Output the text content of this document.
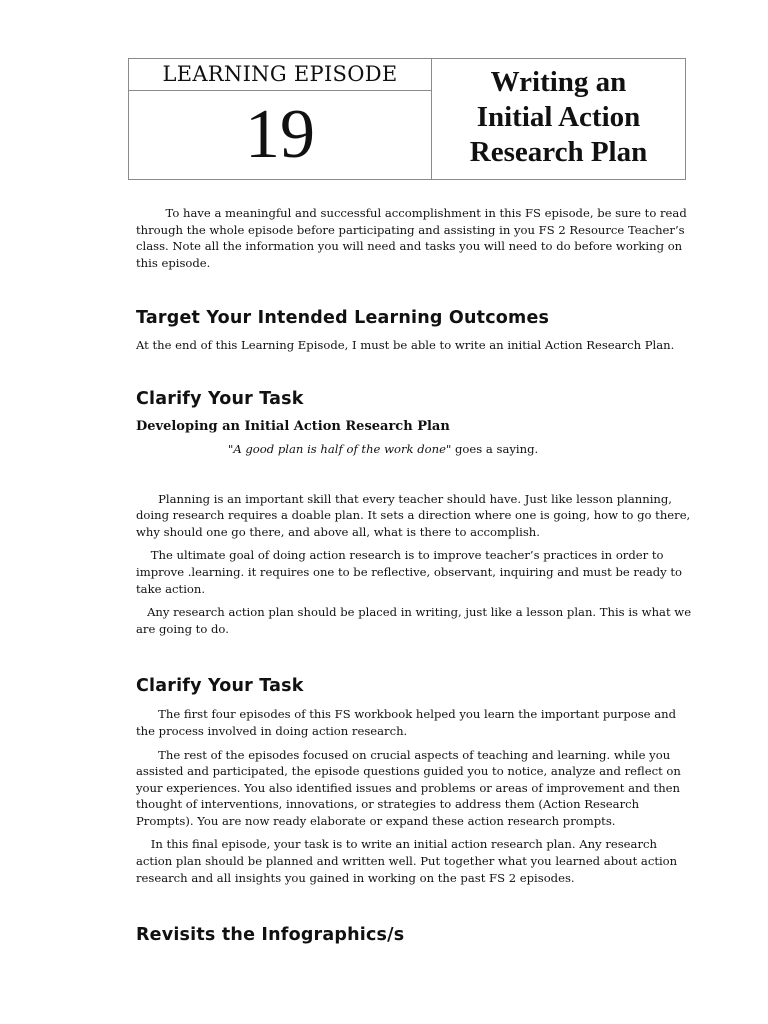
LEARNING EPISODE
19
Writing an
Initial Action
Research Plan

To have a meaningful and successful accomplishment in this FS episode, be sure to read through the whole episode before participating and assisting in you FS 2 Resource Teacher’s class. Note all the information you will need and tasks you will need to do before working on this episode.

Target Your Intended Learning Outcomes

At the end of this Learning Episode, I must be able to write an initial Action Research Plan.

Clarify Your Task
Developing an Initial Action Research Plan

"A good plan is half of the work done" goes a saying.

Planning is an important skill that every teacher should have. Just like lesson planning, doing research requires a doable plan. It sets a direction where one is going, how to go there, why should one go there, and above all, what is there to accomplish.

The ultimate goal of doing action research is to improve teacher’s practices in order to improve .learning. it requires one to be reflective, observant, inquiring and must be ready to take action.

Any research action plan should be placed in writing, just like a lesson plan. This is what we are going to do.

Clarify Your Task

The first four episodes of this FS workbook helped you learn the important purpose and the process involved in doing action research.

The rest of the episodes focused on crucial aspects of teaching and learning. while you assisted and participated, the episode questions guided you to notice, analyze and reflect on your experiences. You also identified issues and problems or areas of improvement and then thought of interventions, innovations, or strategies to address them (Action Research Prompts). You are now ready elaborate or expand these action research prompts.

In this final episode, your task is to write an initial action research plan. Any research action plan should be planned and written well. Put together what you learned about action research and all insights you gained in working on the past FS 2 episodes.

Revisits the Infographics/s
